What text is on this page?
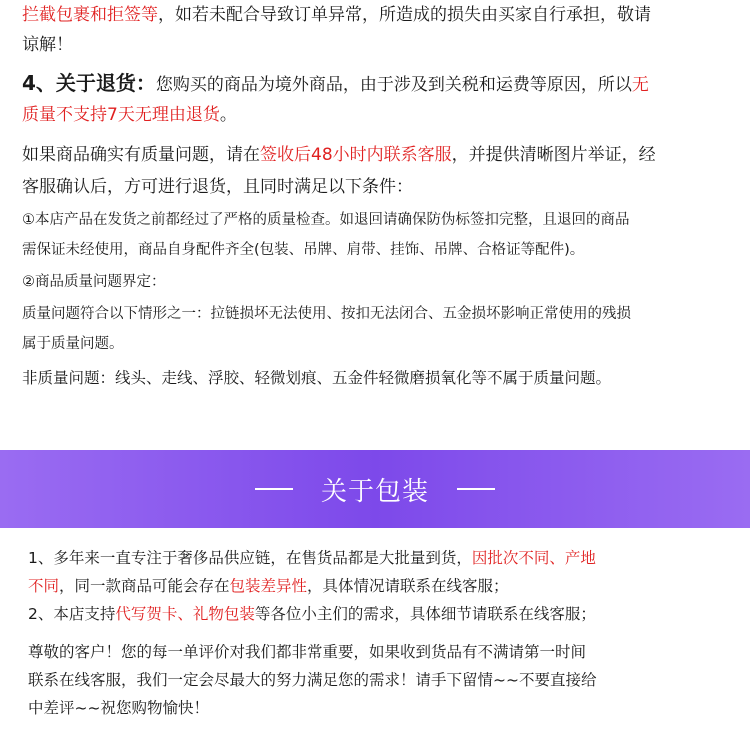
拦截包裹和拒签等，如若未配合导致订单异常，所造成的损失由买家自行承担，敬请

谅解！

4、关于退货：您购买的商品为境外商品，由于涉及到关税和运费等原因，所以无

质量不支持7天无理由退货。

如果商品确实有质量问题，请在签收后48小时内联系客服，并提供清晰图片举证，经

客服确认后，方可进行退货，且同时满足以下条件：

①本店产品在发货之前都经过了严格的质量检查。如退回请确保防伪标签扣完整，且退回的商品

需保证未经使用，商品自身配件齐全(包装、吊牌、肩带、挂饰、吊牌、合格证等配件)。

②商品质量问题界定：

质量问题符合以下情形之一：拉链损坏无法使用、按扣无法闭合、五金损坏影响正常使用的残损

属于质量问题。

非质量问题：线头、走线、浮胶、轻微划痕、五金件轻微磨损氧化等不属于质量问题。

关于包装

1、多年来一直专注于奢侈品供应链，在售货品都是大批量到货，因批次不同、产地

不同，同一款商品可能会存在包装差异性，具体情况请联系在线客服；

2、本店支持代写贺卡、礼物包装等各位小主们的需求，具体细节请联系在线客服；

尊敬的客户！您的每一单评价对我们都非常重要，如果收到货品有不满请第一时间

联系在线客服，我们一定会尽最大的努力满足您的需求！请手下留情~~不要直接给

中差评~~祝您购物愉快！
